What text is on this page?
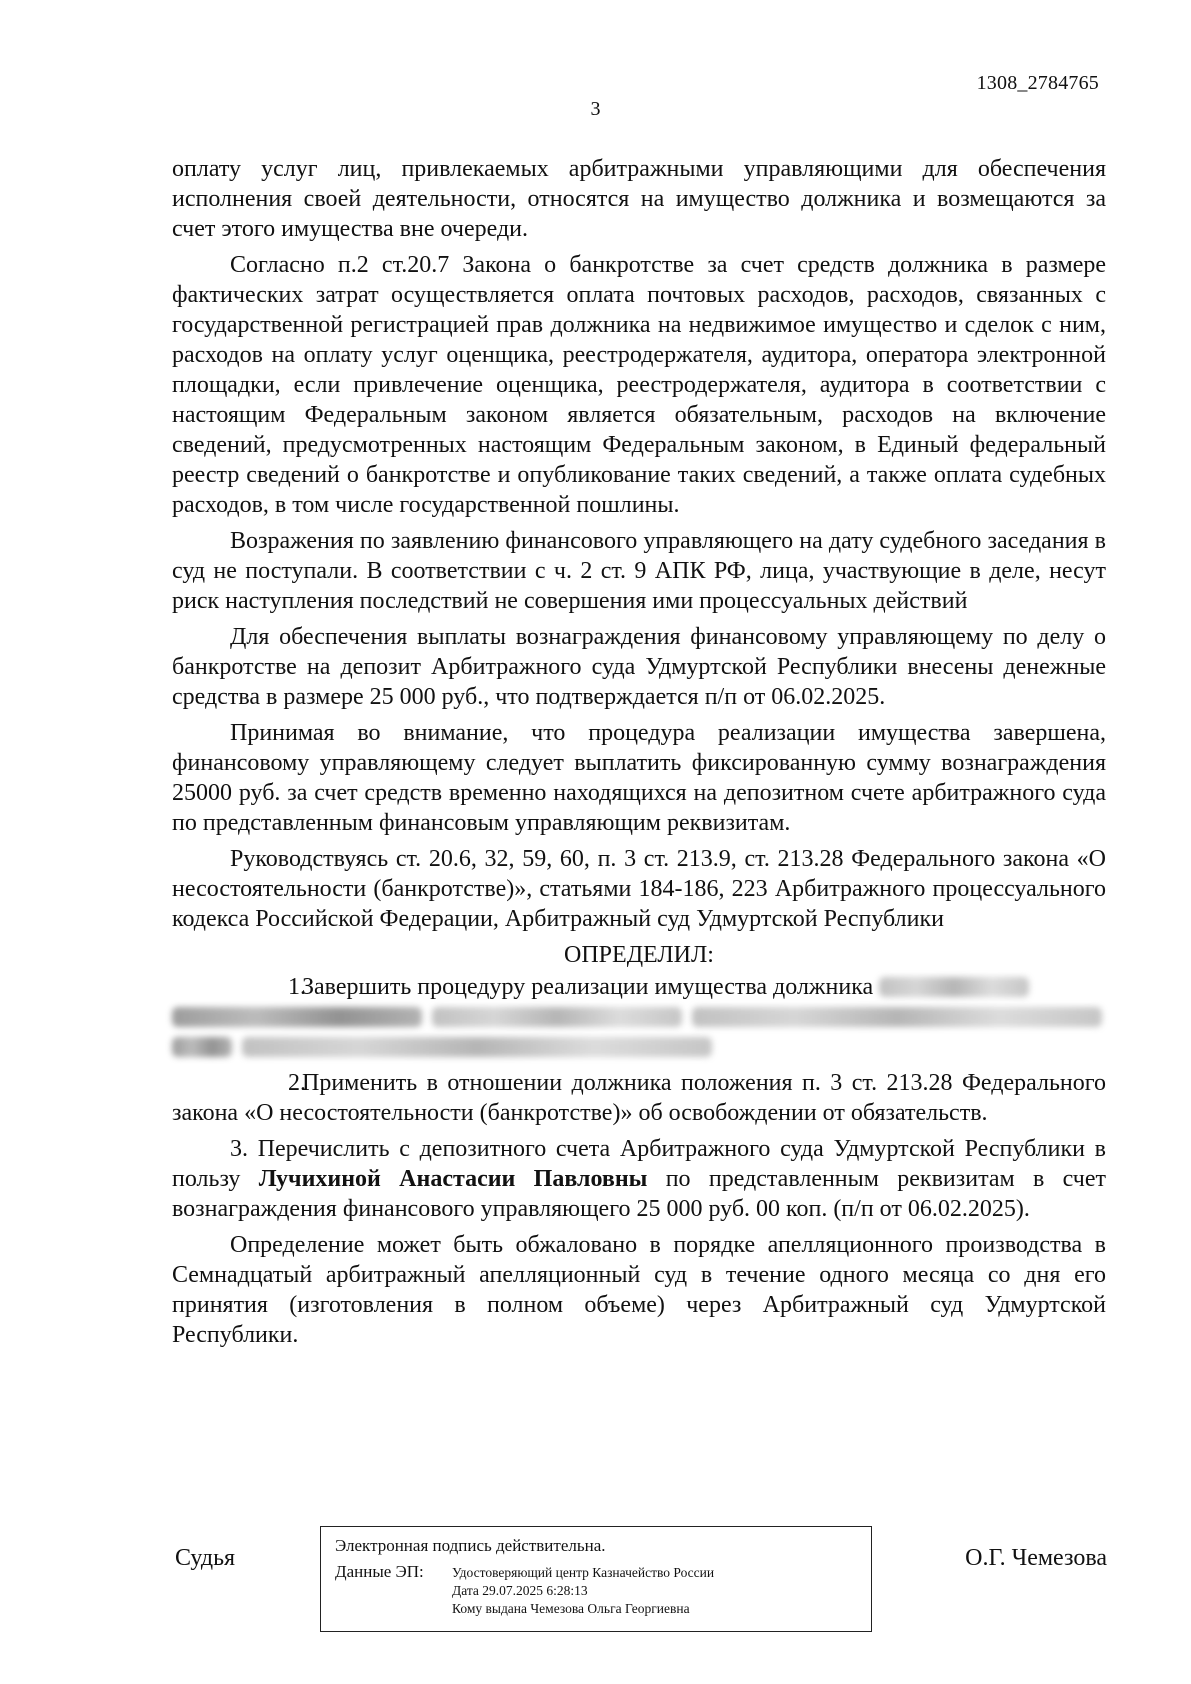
1308_2784765
3

оплату услуг лиц, привлекаемых арбитражными управляющими для обеспечения исполнения своей деятельности, относятся на имущество должника и возмещаются за счет этого имущества вне очереди.

Согласно п.2 ст.20.7 Закона о банкротстве за счет средств должника в размере фактических затрат осуществляется оплата почтовых расходов, расходов, связанных с государственной регистрацией прав должника на недвижимое имущество и сделок с ним, расходов на оплату услуг оценщика, реестродержателя, аудитора, оператора электронной площадки, если привлечение оценщика, реестродержателя, аудитора в соответствии с настоящим Федеральным законом является обязательным, расходов на включение сведений, предусмотренных настоящим Федеральным законом, в Единый федеральный реестр сведений о банкротстве и опубликование таких сведений, а также оплата судебных расходов, в том числе государственной пошлины.

Возражения по заявлению финансового управляющего на дату судебного заседания в суд не поступали. В соответствии с ч. 2 ст. 9 АПК РФ, лица, участвующие в деле, несут риск наступления последствий не совершения ими процессуальных действий

Для обеспечения выплаты вознаграждения финансовому управляющему по делу о банкротстве на депозит Арбитражного суда Удмуртской Республики внесены денежные средства в размере 25 000 руб., что подтверждается п/п от 06.02.2025.

Принимая во внимание, что процедура реализации имущества завершена, финансовому управляющему следует выплатить фиксированную сумму вознаграждения 25000 руб. за счет средств временно находящихся на депозитном счете арбитражного суда по представленным финансовым управляющим реквизитам.

Руководствуясь ст. 20.6, 32, 59, 60, п. 3 ст. 213.9, ст. 213.28 Федерального закона «О несостоятельности (банкротстве)», статьями 184-186, 223 Арбитражного процессуального кодекса Российской Федерации, Арбитражный суд Удмуртской Республики

ОПРЕДЕЛИЛ:
1.Завершить процедуру реализации имущества должника

2.Применить в отношении должника положения п. 3 ст. 213.28 Федерального закона «О несостоятельности (банкротстве)» об освобождении от обязательств.

3. Перечислить с депозитного счета Арбитражного суда Удмуртской Республики в пользу Лучихиной Анастасии Павловны по представленным реквизитам в счет вознаграждения финансового управляющего 25 000 руб. 00 коп. (п/п от 06.02.2025).

Определение может быть обжаловано в порядке апелляционного производства в Семнадцатый арбитражный апелляционный суд в течение одного месяца со дня его принятия (изготовления в полном объеме) через Арбитражный суд Удмуртской Республики.

Судья	Электронная подпись действительна.
Данные ЭП:	Удостоверяющий центр Казначейство России
Дата 29.07.2025 6:28:13
Кому выдана Чемезова Ольга Георгиевна
О.Г. Чемезова
